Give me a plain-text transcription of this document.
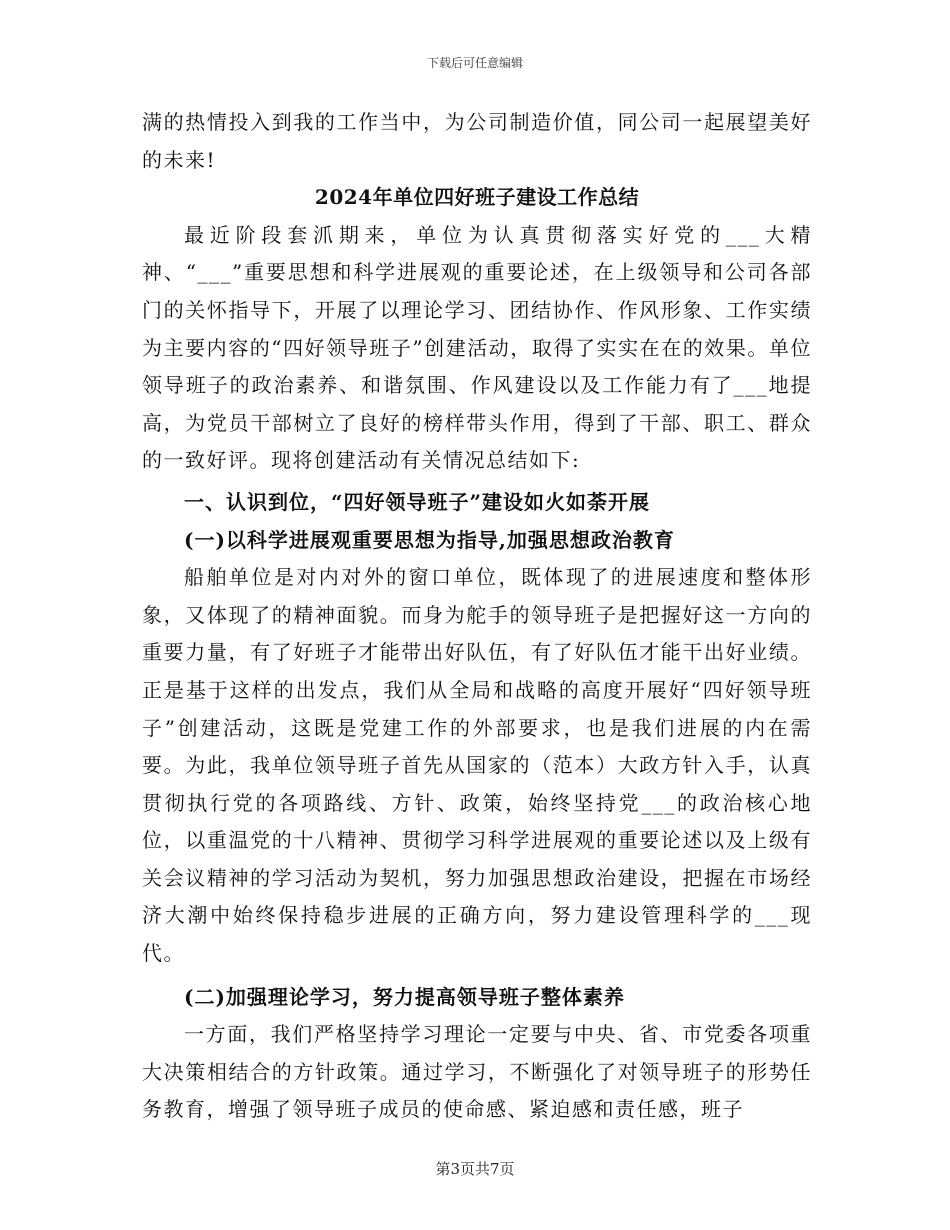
下载后可任意编辑

满的热情投入到我的工作当中，为公司制造价值，同公司一起展望美好的未来!

2024年单位四好班子建设工作总结

最近阶段套沠期来，单位为认真贯彻落实好党的___大精神、“___”重要思想和科学进展观的重要论述，在上级领导和公司各部门的关怀指导下，开展了以理论学习、团结协作、作风形象、工作实绩为主要内容的“四好领导班子”创建活动，取得了实实在在的效果。单位领导班子的政治素养、和谐氛围、作风建设以及工作能力有了___地提高，为党员干部树立了良好的榜样带头作用，得到了干部、职工、群众的一致好评。现将创建活动有关情况总结如下:

一、认识到位，“四好领导班子”建设如火如荼开展
(一)以科学进展观重要思想为指导,加强思想政治教育

船舶单位是对内对外的窗口单位，既体现了的进展速度和整体形象，又体现了的精神面貌。而身为舵手的领导班子是把握好这一方向的重要力量，有了好班子才能带出好队伍，有了好队伍才能干出好业绩。正是基于这样的出发点，我们从全局和战略的高度开展好“四好领导班子”创建活动，这既是党建工作的外部要求，也是我们进展的内在需要。为此，我单位领导班子首先从国家的（范本）大政方针入手，认真贯彻执行党的各项路线、方针、政策，始终坚持党___的政治核心地位，以重温党的十八精神、贯彻学习科学进展观的重要论述以及上级有关会议精神的学习活动为契机，努力加强思想政治建设，把握在市场经济大潮中始终保持稳步进展的正确方向，努力建设管理科学的___现代。

(二)加强理论学习，努力提高领导班子整体素养

一方面，我们严格坚持学习理论一定要与中央、省、市党委各项重大决策相结合的方针政策。通过学习，不断强化了对领导班子的形势任务教育，增强了领导班子成员的使命感、紧迫感和责任感，班子

第3页共7页
